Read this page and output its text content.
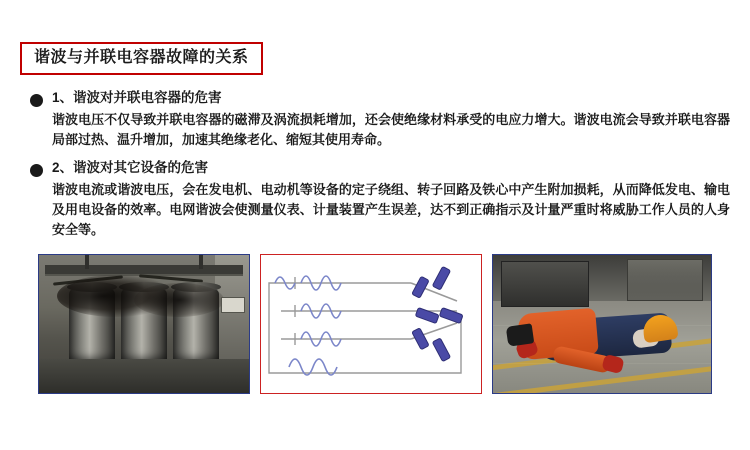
谐波与并联电容器故障的关系
1、谐波对并联电容器的危害
谐波电压不仅导致并联电容器的磁滞及涡流损耗增加，还会使绝缘材料承受的电应力增大。谐波电流会导致并联电容器局部过热、温升增加，加速其绝缘老化、缩短其使用寿命。
2、谐波对其它设备的危害
谐波电流或谐波电压，会在发电机、电动机等设备的定子绕组、转子回路及铁心中产生附加损耗，从而降低发电、输电及用电设备的效率。电网谐波会使测量仪表、计量装置产生误差，达不到正确指示及计量严重时将威胁工作人员的人身安全等。
